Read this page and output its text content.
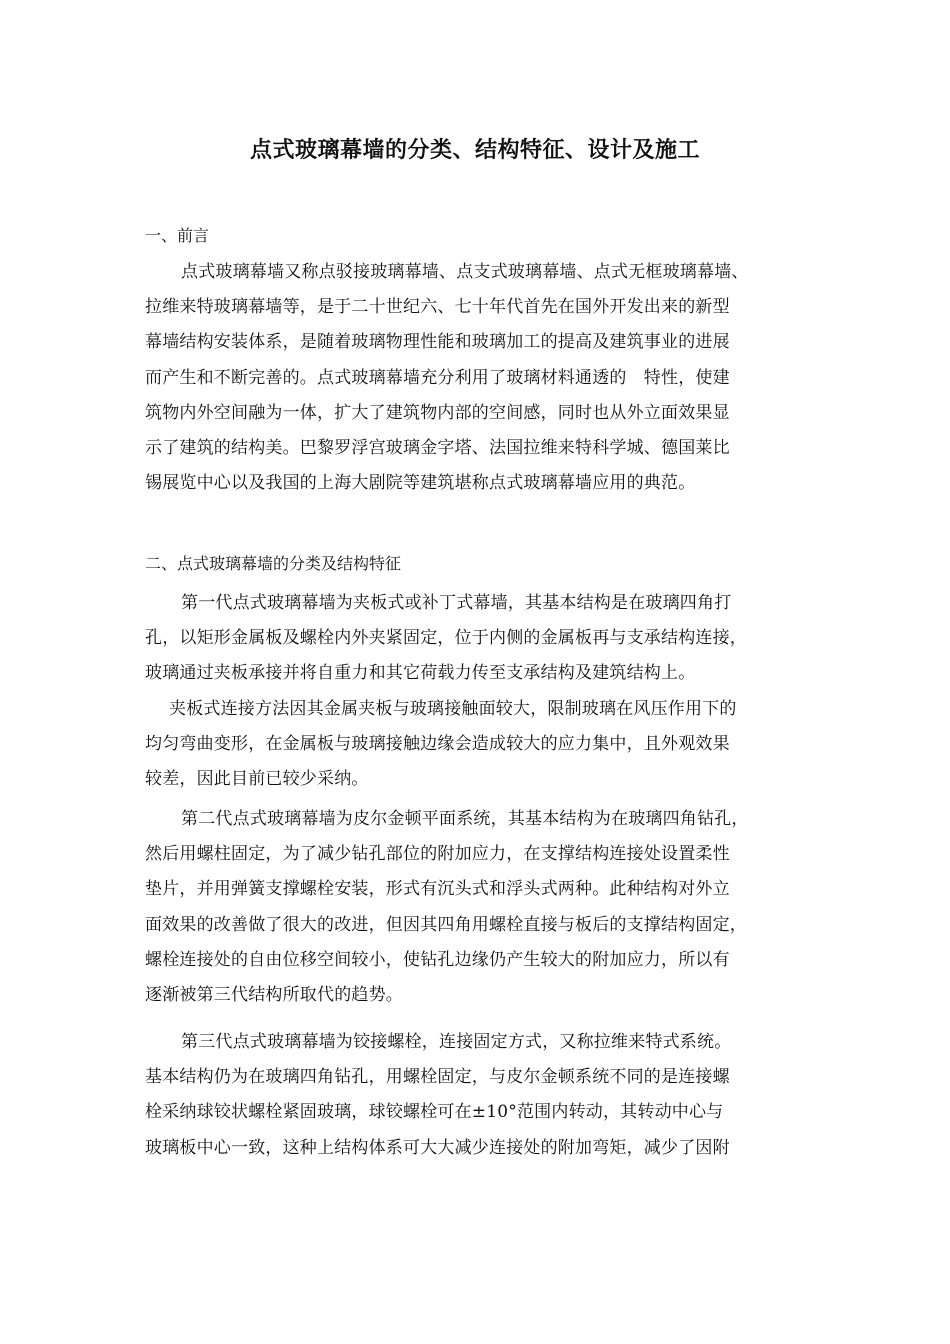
点式玻璃幕墙的分类、结构特征、设计及施工
一、前言
点式玻璃幕墙又称点驳接玻璃幕墙、点支式玻璃幕墙、点式无框玻璃幕墙、
拉维来特玻璃幕墙等，是于二十世纪六、七十年代首先在国外开发出来的新型
幕墙结构安装体系，是随着玻璃物理性能和玻璃加工的提高及建筑事业的进展
而产生和不断完善的。点式玻璃幕墙充分利用了玻璃材料通透的　特性，使建
筑物内外空间融为一体，扩大了建筑物内部的空间感，同时也从外立面效果显
示了建筑的结构美。巴黎罗浮宫玻璃金字塔、法国拉维来特科学城、德国莱比
锡展览中心以及我国的上海大剧院等建筑堪称点式玻璃幕墙应用的典范。
二、点式玻璃幕墙的分类及结构特征
第一代点式玻璃幕墙为夹板式或补丁式幕墙，其基本结构是在玻璃四角打
孔，以矩形金属板及螺栓内外夹紧固定，位于内侧的金属板再与支承结构连接，
玻璃通过夹板承接并将自重力和其它荷载力传至支承结构及建筑结构上。
夹板式连接方法因其金属夹板与玻璃接触面较大，限制玻璃在风压作用下的
均匀弯曲变形，在金属板与玻璃接触边缘会造成较大的应力集中，且外观效果
较差，因此目前已较少采纳。
第二代点式玻璃幕墙为皮尔金顿平面系统，其基本结构为在玻璃四角钻孔，
然后用螺柱固定，为了减少钻孔部位的附加应力，在支撑结构连接处设置柔性
垫片，并用弹簧支撑螺栓安装，形式有沉头式和浮头式两种。此种结构对外立
面效果的改善做了很大的改进，但因其四角用螺栓直接与板后的支撑结构固定，
螺栓连接处的自由位移空间较小，使钻孔边缘仍产生较大的附加应力，所以有
逐渐被第三代结构所取代的趋势。
第三代点式玻璃幕墙为铰接螺栓，连接固定方式，又称拉维来特式系统。
基本结构仍为在玻璃四角钻孔，用螺栓固定，与皮尔金顿系统不同的是连接螺
栓采纳球铰状螺栓紧固玻璃，球铰螺栓可在±10°范围内转动，其转动中心与
玻璃板中心一致，这种上结构体系可大大减少连接处的附加弯矩，减少了因附
